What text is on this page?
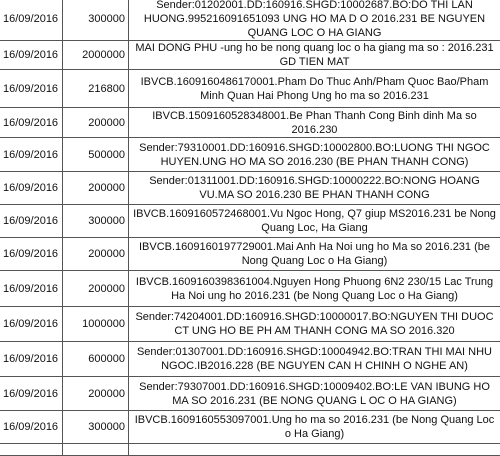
16/09/2016	300000	Sender:01202001.DD:160916.SHGD:10002687.BO:DO THI LAN HUONG.995216091651093 UNG HO MA D O 2016.231 BE NGUYEN QUANG LOC O HA GIANG
16/09/2016	2000000	MAI DONG PHU -ung ho be nong quang loc o ha giang ma so : 2016.231 GD TIEN MAT
16/09/2016	216800	IBVCB.1609160486170001.Pham Do Thuc Anh/Pham Quoc Bao/Pham Minh Quan Hai Phong Ung ho ma so 2016.231
16/09/2016	200000	IBVCB.1509160528348001.Be Phan Thanh Cong Binh dinh Ma so 2016.230
16/09/2016	500000	Sender:79310001.DD:160916.SHGD:10002800.BO:LUONG THI NGOC HUYEN.UNG HO MA SO 2016.230 (BE PHAN THANH CONG)
16/09/2016	200000	Sender:01311001.DD:160916.SHGD:10000222.BO:NONG HOANG VU.MA SO 2016.230 BE PHAN THANH CONG
16/09/2016	300000	IBVCB.1609160572468001.Vu Ngoc Hong, Q7 giup MS2016.231 be Nong Quang Loc, Ha Giang
16/09/2016	200000	IBVCB.1609160197729001.Mai Anh Ha Noi ung ho Ma so 2016.231 (be Nong Quang Loc o Ha Giang)
16/09/2016	200000	IBVCB.1609160398361004.Nguyen Hong Phuong 6N2 230/15 Lac Trung Ha Noi ung ho 2016.231 (be Nong Quang Loc o Ha Giang)
16/09/2016	1000000	Sender:74204001.DD:160916.SHGD:10000017.BO:NGUYEN THI DUOC CT UNG HO BE PH AM THANH CONG MA SO 2016.320
16/09/2016	600000	Sender:01307001.DD:160916.SHGD:10004942.BO:TRAN THI MAI NHU NGOC.IB2016.228 (BE NGUYEN CAN H CHINH O NGHE AN)
16/09/2016	200000	Sender:79307001.DD:160916.SHGD:10009402.BO:LE VAN IBUNG HO MA SO 2016.231 (BE NONG QUANG L OC O HA GIANG)
16/09/2016	300000	IBVCB.1609160553097001.Ung ho ma so 2016.231 (be Nong Quang Loc o Ha Giang)
